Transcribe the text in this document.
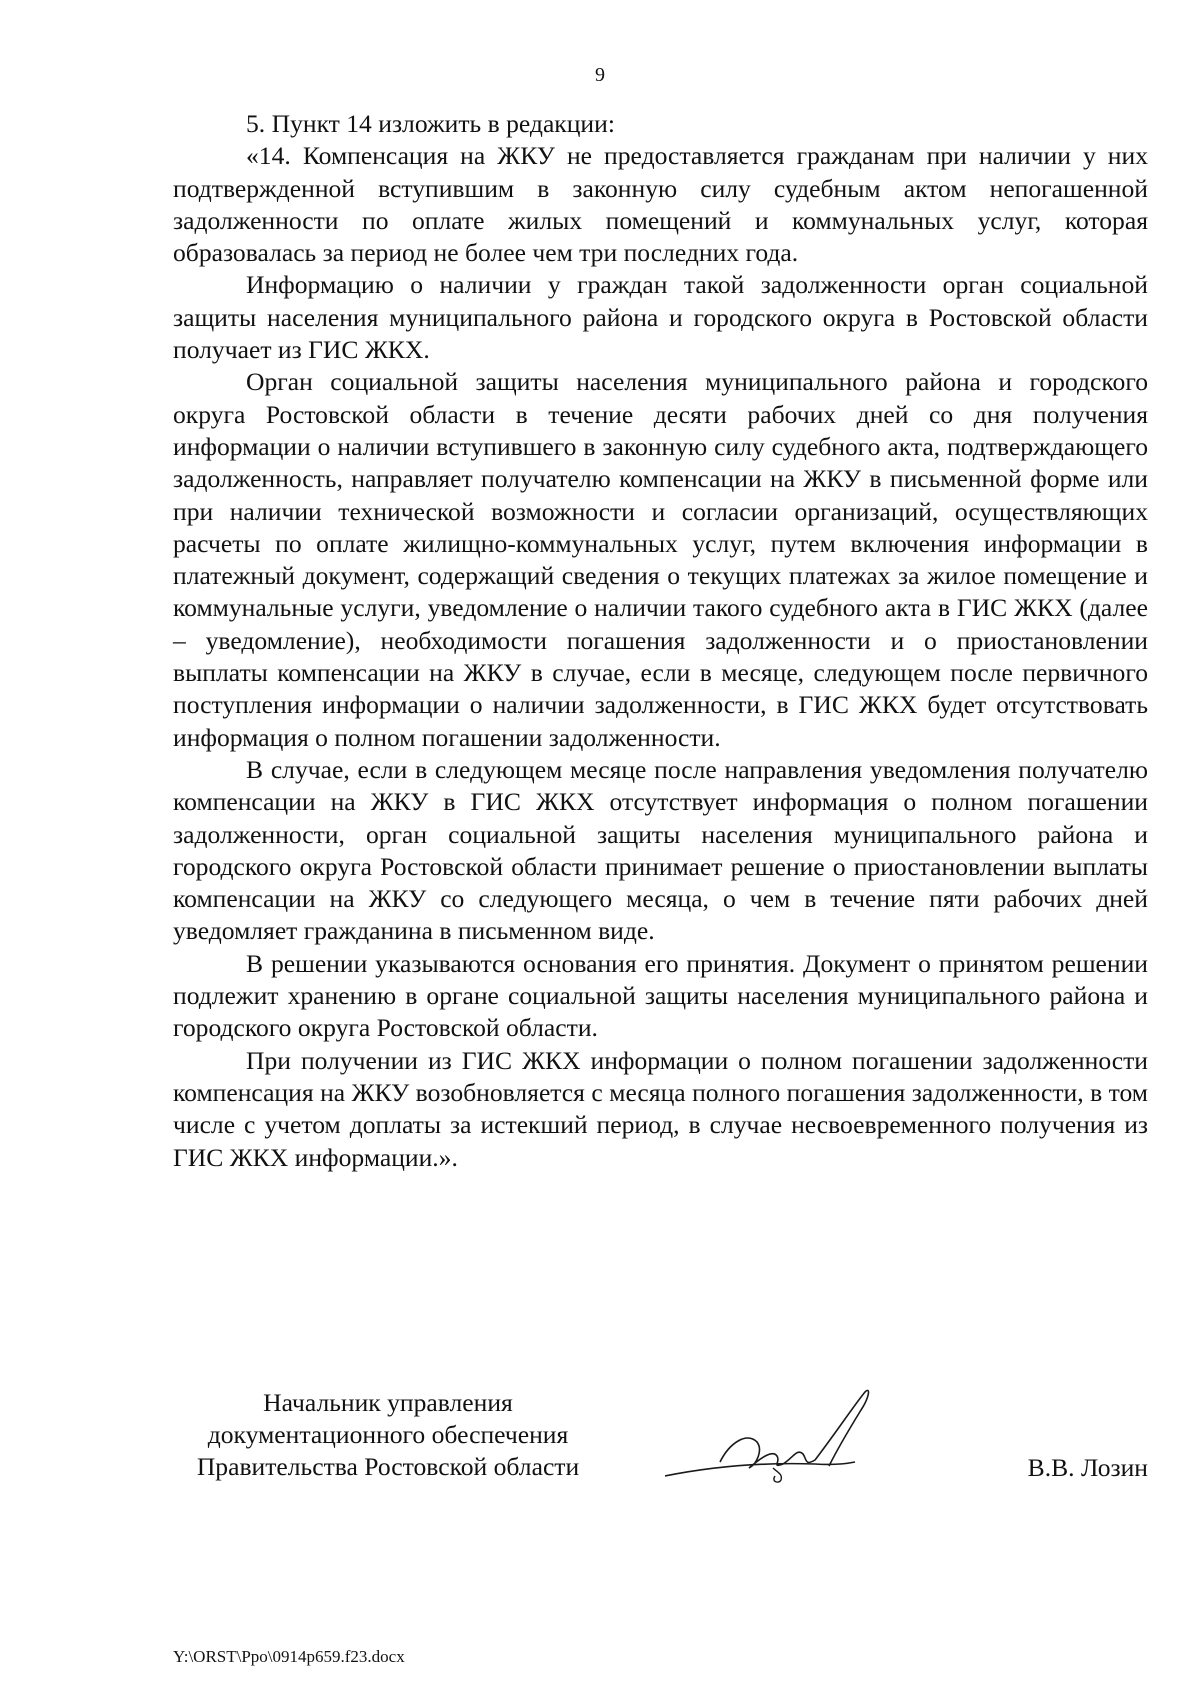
9

5. Пункт 14 изложить в редакции:

«14. Компенсация на ЖКУ не предоставляется гражданам при наличии у них подтвержденной вступившим в законную силу судебным актом непогашенной задолженности по оплате жилых помещений и коммунальных услуг, которая образовалась за период не более чем три последних года.

Информацию о наличии у граждан такой задолженности орган социальной защиты населения муниципального района и городского округа в Ростовской области получает из ГИС ЖКХ.

Орган социальной защиты населения муниципального района и городского округа Ростовской области в течение десяти рабочих дней со дня получения информации о наличии вступившего в законную силу судебного акта, подтверждающего задолженность, направляет получателю компенсации на ЖКУ в письменной форме или при наличии технической возможности и согласии организаций, осуществляющих расчеты по оплате жилищно-коммунальных услуг, путем включения информации в платежный документ, содержащий сведения о текущих платежах за жилое помещение и коммунальные услуги, уведомление о наличии такого судебного акта в ГИС ЖКХ (далее – уведомление), необходимости погашения задолженности и о приостановлении выплаты компенсации на ЖКУ в случае, если в месяце, следующем после первичного поступления информации о наличии задолженности, в ГИС ЖКХ будет отсутствовать информация о полном погашении задолженности.

В случае, если в следующем месяце после направления уведомления получателю компенсации на ЖКУ в ГИС ЖКХ отсутствует информация о полном погашении задолженности, орган социальной защиты населения муниципального района и городского округа Ростовской области принимает решение о приостановлении выплаты компенсации на ЖКУ со следующего месяца, о чем в течение пяти рабочих дней уведомляет гражданина в письменном виде.

В решении указываются основания его принятия. Документ о принятом решении подлежит хранению в органе социальной защиты населения муниципального района и городского округа Ростовской области.

При получении из ГИС ЖКХ информации о полном погашении задолженности компенсация на ЖКУ возобновляется с месяца полного погашения задолженности, в том числе с учетом доплаты за истекший период, в случае несвоевременного получения из ГИС ЖКХ информации.».

Начальник управления
документационного обеспечения
Правительства Ростовской области	В.В. Лозин
Y:\ORST\Ppo\0914p659.f23.docx
